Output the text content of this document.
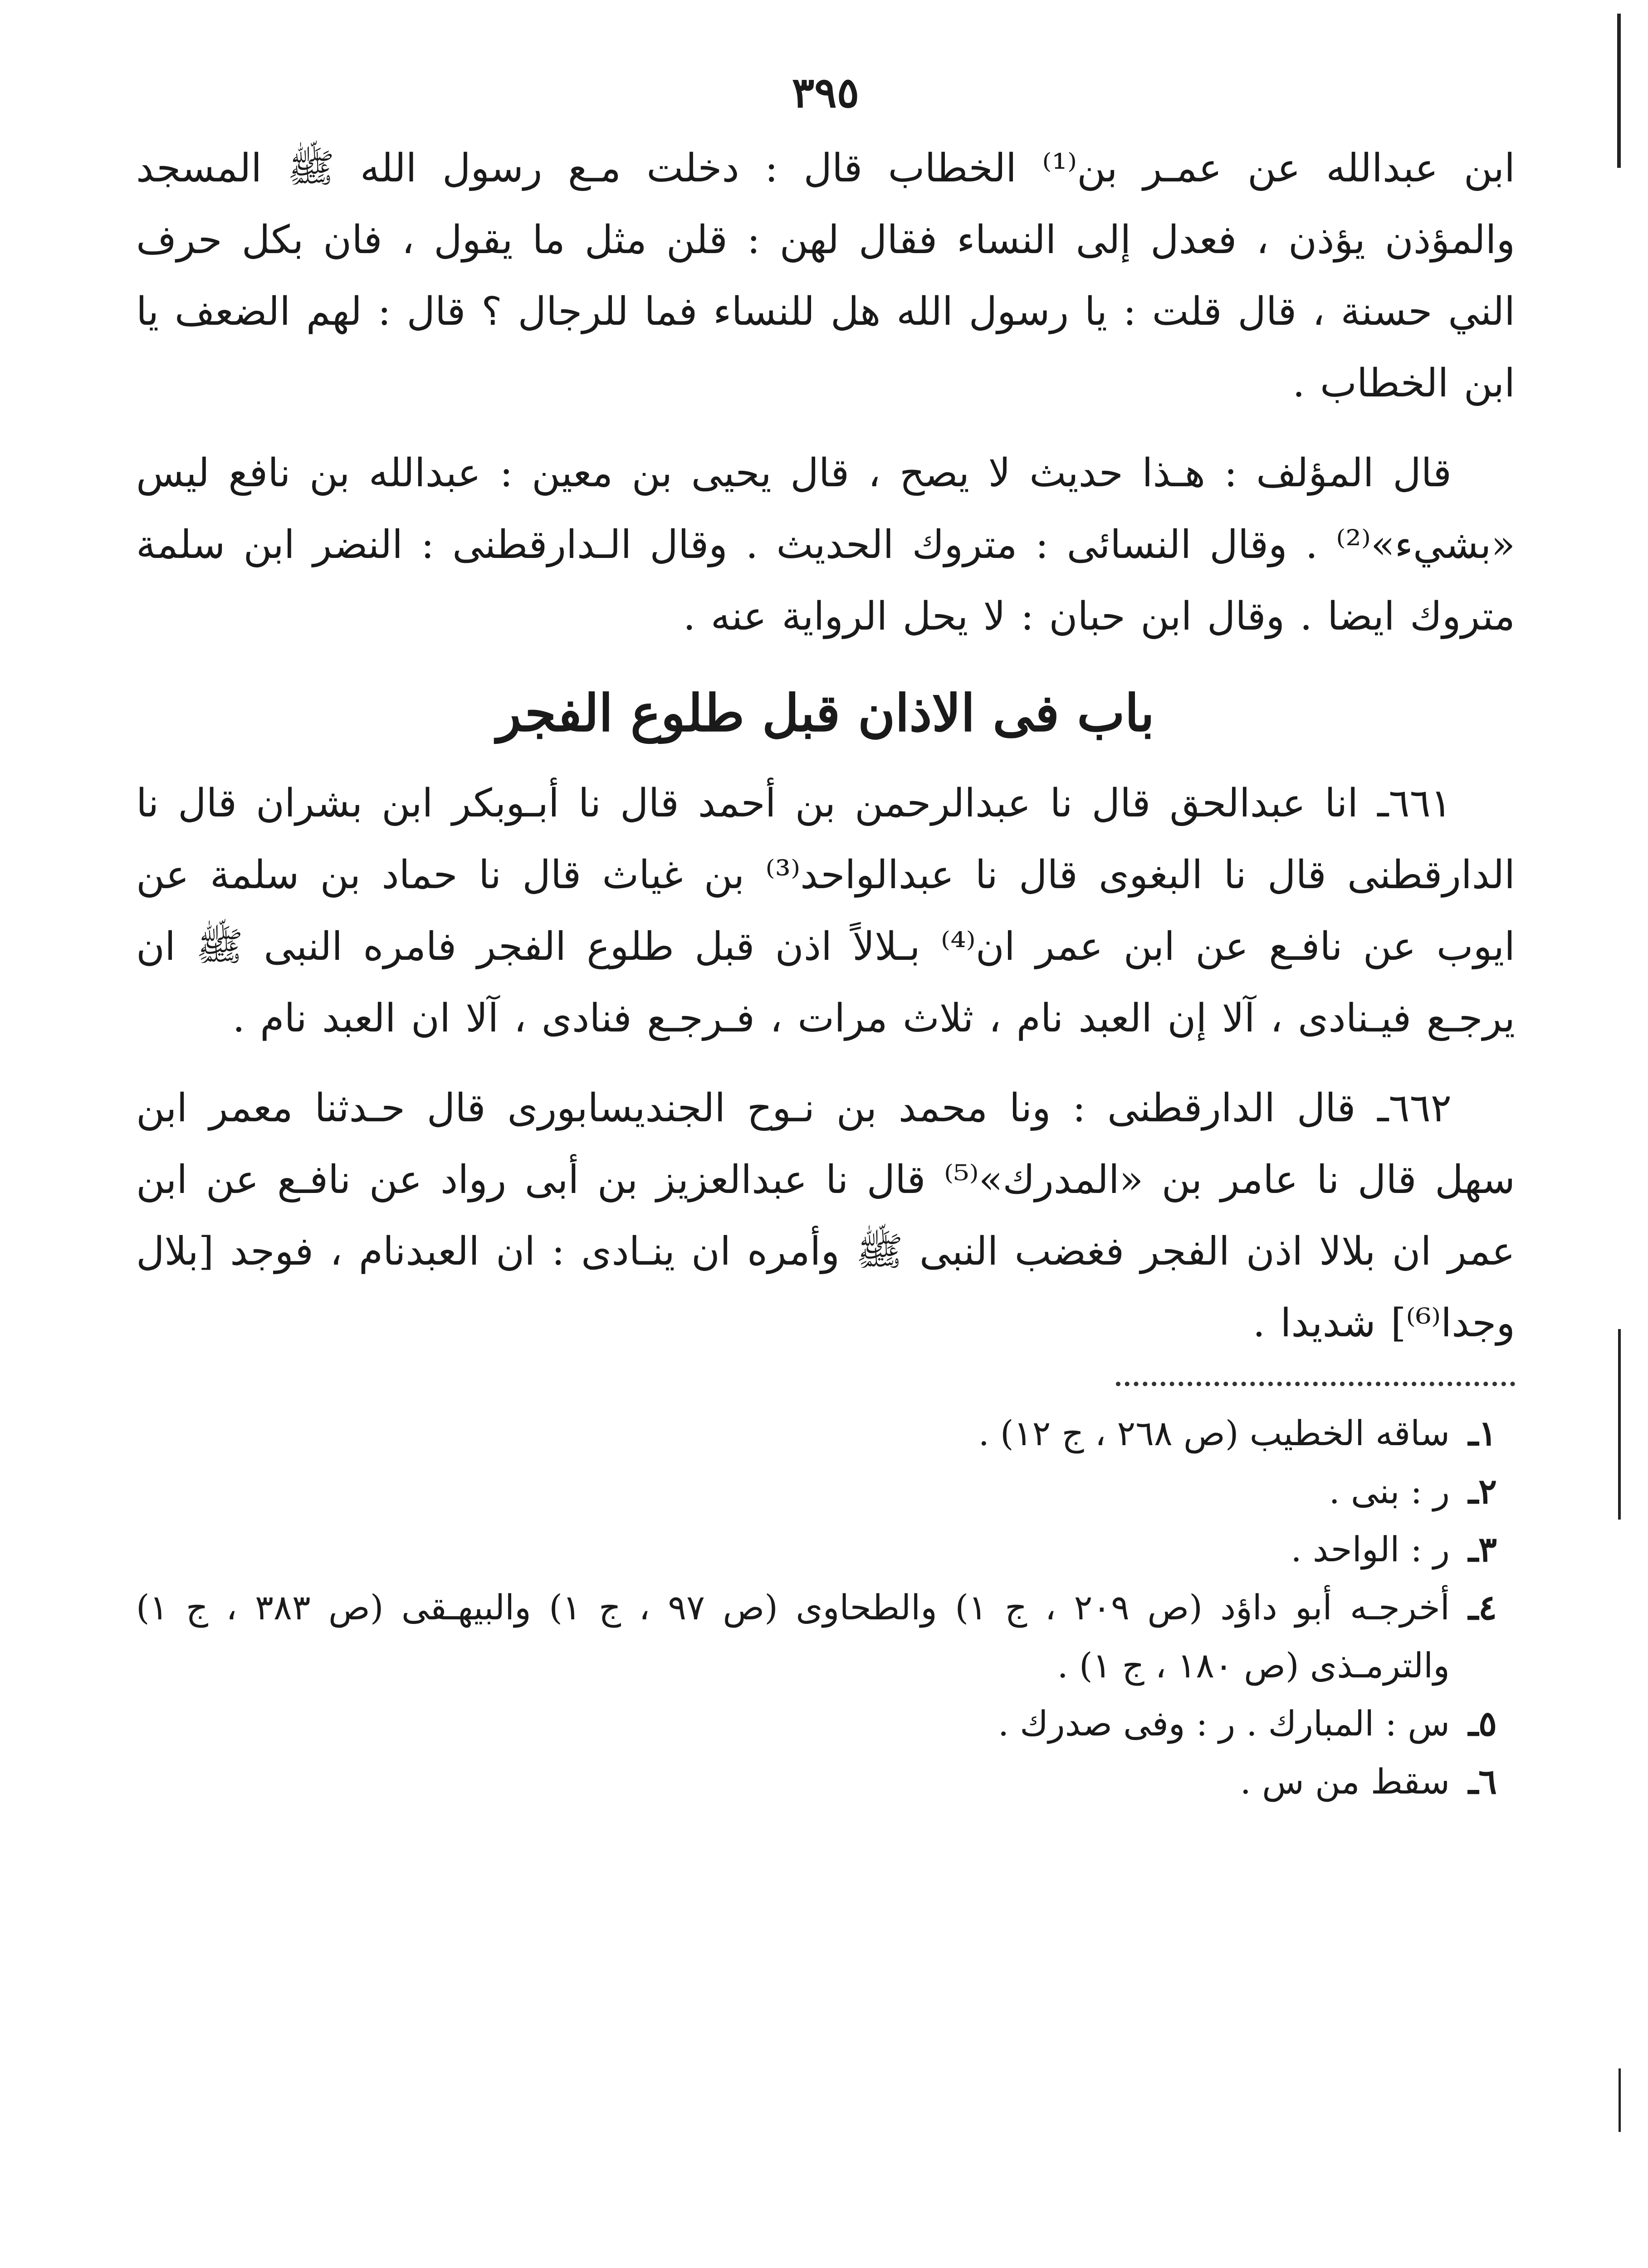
٣٩٥

ابن عبدالله عن عمـر بن⁽¹⁾ الخطاب قال : دخلت مـع رسول الله ﷺ المسجد والمؤذن يؤذن ، فعدل إلى النساء فقال لهن : قلن مثل ما يقول ، فان بكل حرف الني حسنة ، قال قلت : يا رسول الله هل للنساء فما للرجال ؟ قال : لهم الضعف يا ابن الخطاب .

قال المؤلف : هـذا حديث لا يصح ، قال يحيى بن معين : عبدالله بن نافع ليس «بشيء»⁽²⁾ . وقال النسائى : متروك الحديث . وقال الـدارقطنى : النضر ابن سلمة متروك ايضا . وقال ابن حبان : لا يحل الرواية عنه .

باب فى الاذان قبل طلوع الفجر

٦٦١ـ انا عبدالحق قال نا عبدالرحمن بن أحمد قال نا أبـوبكر ابن بشران قال نا الدارقطنى قال نا البغوى قال نا عبدالواحد⁽³⁾ بن غياث قال نا حماد بن سلمة عن ايوب عن نافـع عن ابن عمر ان⁽⁴⁾ بـلالاً اذن قبل طلوع الفجر فامره النبى ﷺ ان يرجـع فيـنادى ، آلا إن العبد نام ، ثلاث مرات ، فـرجـع فنادى ، آلا ان العبد نام .

٦٦٢ـ قال الدارقطنى : ونا محمد بن نـوح الجنديسابورى قال حـدثنا معمر ابن سهل قال نا عامر بن «المدرك»⁽⁵⁾ قال نا عبدالعزيز بن أبى رواد عن نافـع عن ابن عمر ان بلالا اذن الفجر فغضب النبى ﷺ وأمره ان ينـادى : ان العبدنام ، فوجد [بلال وجدا⁽⁶⁾] شديدا .

١ـ
ساقه الخطيب (ص ٢٦٨ ، ج ١٢) .
٢ـ
ر : بنى .
٣ـ
ر : الواحد .
٤ـ
أخرجـه أبو داؤد (ص ٢٠٩ ، ج ١) والطحاوى (ص ٩٧ ، ج ١) والبيهـقى (ص ٣٨٣ ، ج ١) والترمـذى (ص ١٨٠ ، ج ١) .
٥ـ
س : المبارك . ر : وفى صدرك .
٦ـ
سقط من س .
